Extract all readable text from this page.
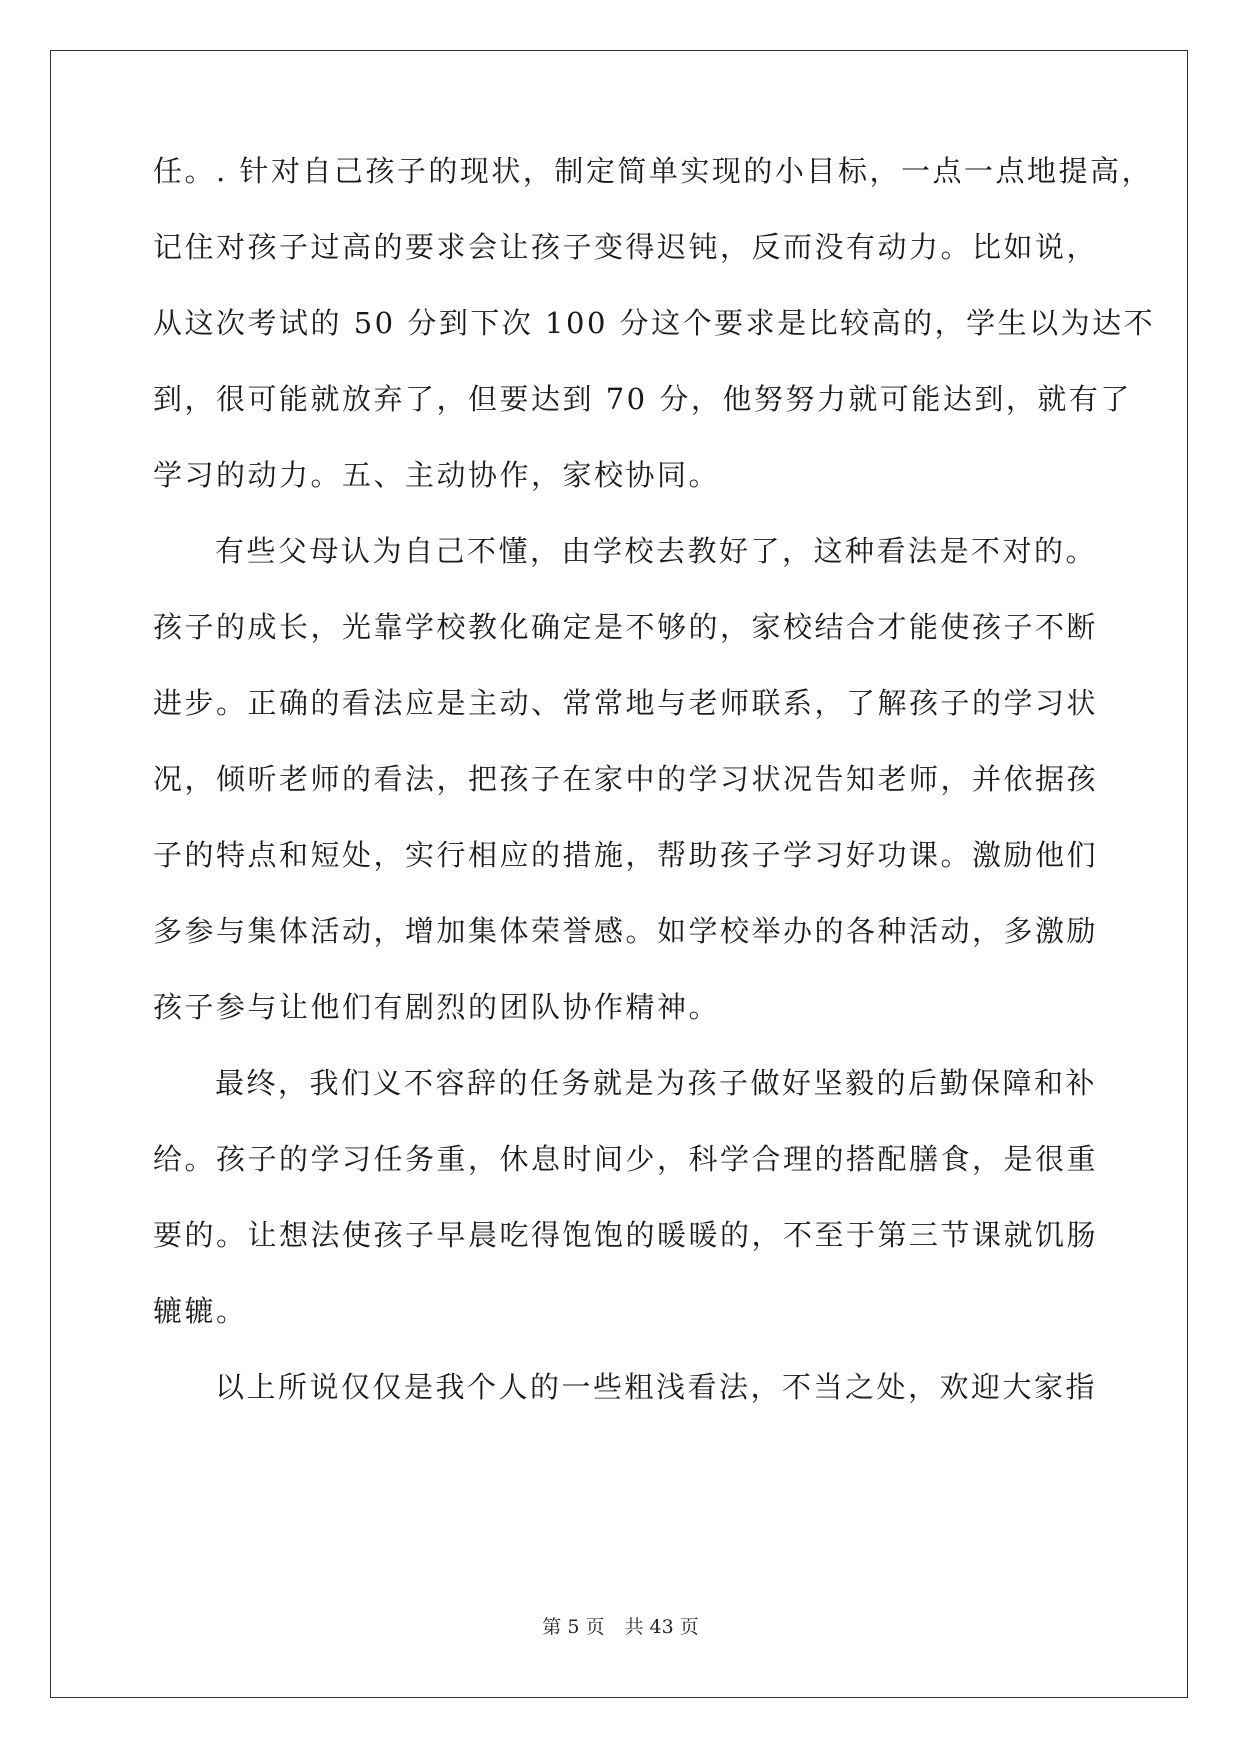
任。. 针对自己孩子的现状，制定简单实现的小目标，一点一点地提高，
记住对孩子过高的要求会让孩子变得迟钝，反而没有动力。比如说，
从这次考试的 50 分到下次 100 分这个要求是比较高的，学生以为达不
到，很可能就放弃了，但要达到 70 分，他努努力就可能达到，就有了
学习的动力。五、主动协作，家校协同。
有些父母认为自己不懂，由学校去教好了，这种看法是不对的。
孩子的成长，光靠学校教化确定是不够的，家校结合才能使孩子不断
进步。正确的看法应是主动、常常地与老师联系，了解孩子的学习状
况，倾听老师的看法，把孩子在家中的学习状况告知老师，并依据孩
子的特点和短处，实行相应的措施，帮助孩子学习好功课。激励他们
多参与集体活动，增加集体荣誉感。如学校举办的各种活动，多激励
孩子参与让他们有剧烈的团队协作精神。
最终，我们义不容辞的任务就是为孩子做好坚毅的后勤保障和补
给。孩子的学习任务重，休息时间少，科学合理的搭配膳食，是很重
要的。让想法使孩子早晨吃得饱饱的暖暖的，不至于第三节课就饥肠
辘辘。
以上所说仅仅是我个人的一些粗浅看法，不当之处，欢迎大家指
第 5 页 共 43 页
